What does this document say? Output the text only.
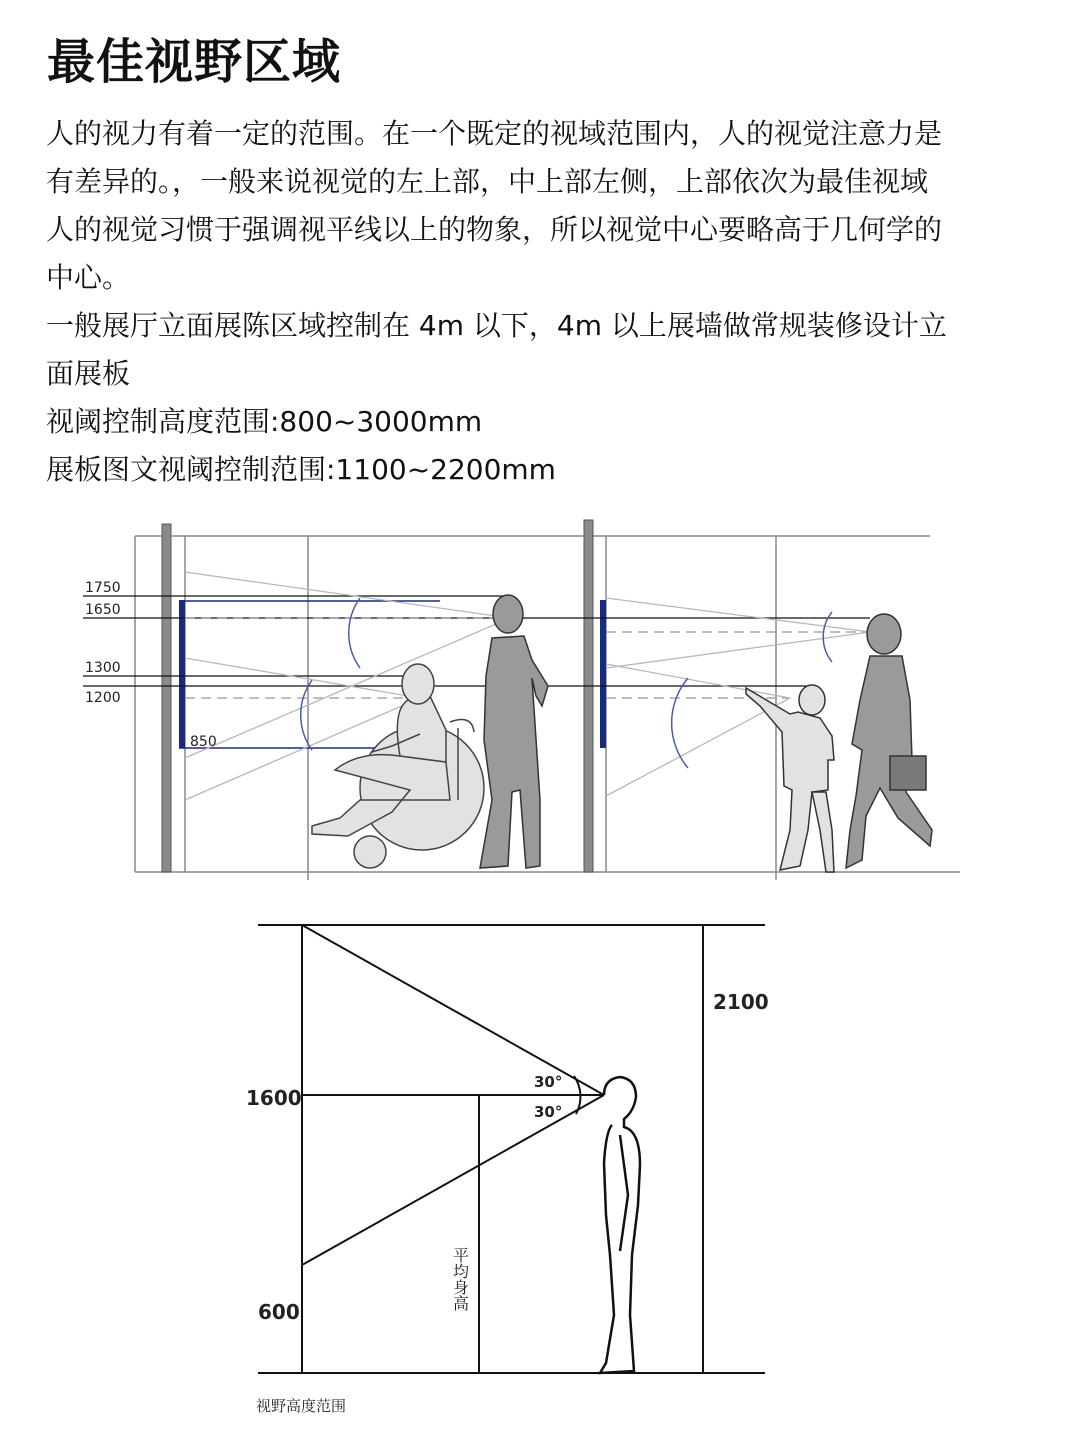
最佳视野区域

人的视力有着一定的范围。在一个既定的视域范围内，人的视觉注意力是

有差异的。，一般来说视觉的左上部，中上部左侧，上部依次为最佳视域

人的视觉习惯于强调视平线以上的物象，所以视觉中心要略高于几何学的

中心。

一般展厅立面展陈区域控制在 4m 以下，4m 以上展墙做常规装修设计立

面展板

视阈控制高度范围:800~3000mm

展板图文视阈控制范围:1100~2200mm

1750
1650
1300
1200
850
2100
1600
600
30°
30°
平均身高
视野高度范围
